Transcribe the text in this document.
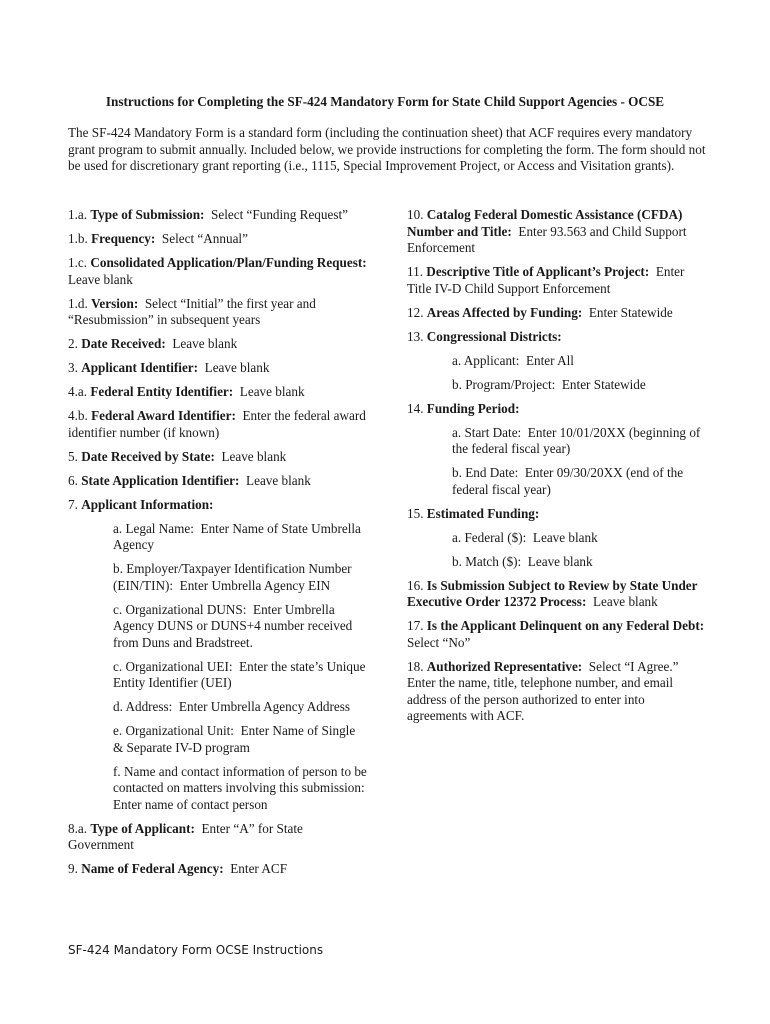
Instructions for Completing the SF-424 Mandatory Form for State Child Support Agencies - OCSE
The SF-424 Mandatory Form is a standard form (including the continuation sheet) that ACF requires every mandatory grant program to submit annually. Included below, we provide instructions for completing the form. The form should not be used for discretionary grant reporting (i.e., 1115, Special Improvement Project, or Access and Visitation grants).
1.a. Type of Submission:  Select “Funding Request”
1.b. Frequency:  Select “Annual”
1.c. Consolidated Application/Plan/Funding Request:  Leave blank
1.d. Version:  Select “Initial” the first year and “Resubmission” in subsequent years
2. Date Received:  Leave blank
3. Applicant Identifier:  Leave blank
4.a. Federal Entity Identifier:  Leave blank
4.b. Federal Award Identifier:  Enter the federal award identifier number (if known)
5. Date Received by State:  Leave blank
6. State Application Identifier:  Leave blank
7. Applicant Information:
a. Legal Name:  Enter Name of State Umbrella Agency
b. Employer/Taxpayer Identification Number (EIN/TIN):  Enter Umbrella Agency EIN
c. Organizational DUNS:  Enter Umbrella Agency DUNS or DUNS+4 number received from Duns and Bradstreet.
c. Organizational UEI:  Enter the state’s Unique Entity Identifier (UEI)
d. Address:  Enter Umbrella Agency Address
e. Organizational Unit:  Enter Name of Single & Separate IV-D program
f. Name and contact information of person to be contacted on matters involving this submission:  Enter name of contact person
8.a. Type of Applicant:  Enter “A” for State Government
9. Name of Federal Agency:  Enter ACF
10. Catalog Federal Domestic Assistance (CFDA) Number and Title:  Enter 93.563 and Child Support Enforcement
11. Descriptive Title of Applicant’s Project:  Enter Title IV-D Child Support Enforcement
12. Areas Affected by Funding:  Enter Statewide
13. Congressional Districts:
a. Applicant:  Enter All
b. Program/Project:  Enter Statewide
14. Funding Period:
a. Start Date:  Enter 10/01/20XX (beginning of the federal fiscal year)
b. End Date:  Enter 09/30/20XX (end of the federal fiscal year)
15. Estimated Funding:
a. Federal ($):  Leave blank
b. Match ($):  Leave blank
16. Is Submission Subject to Review by State Under Executive Order 12372 Process:  Leave blank
17. Is the Applicant Delinquent on any Federal Debt:  Select “No”
18. Authorized Representative:  Select “I Agree.”  Enter the name, title, telephone number, and email address of the person authorized to enter into agreements with ACF.
SF-424 Mandatory Form OCSE Instructions
